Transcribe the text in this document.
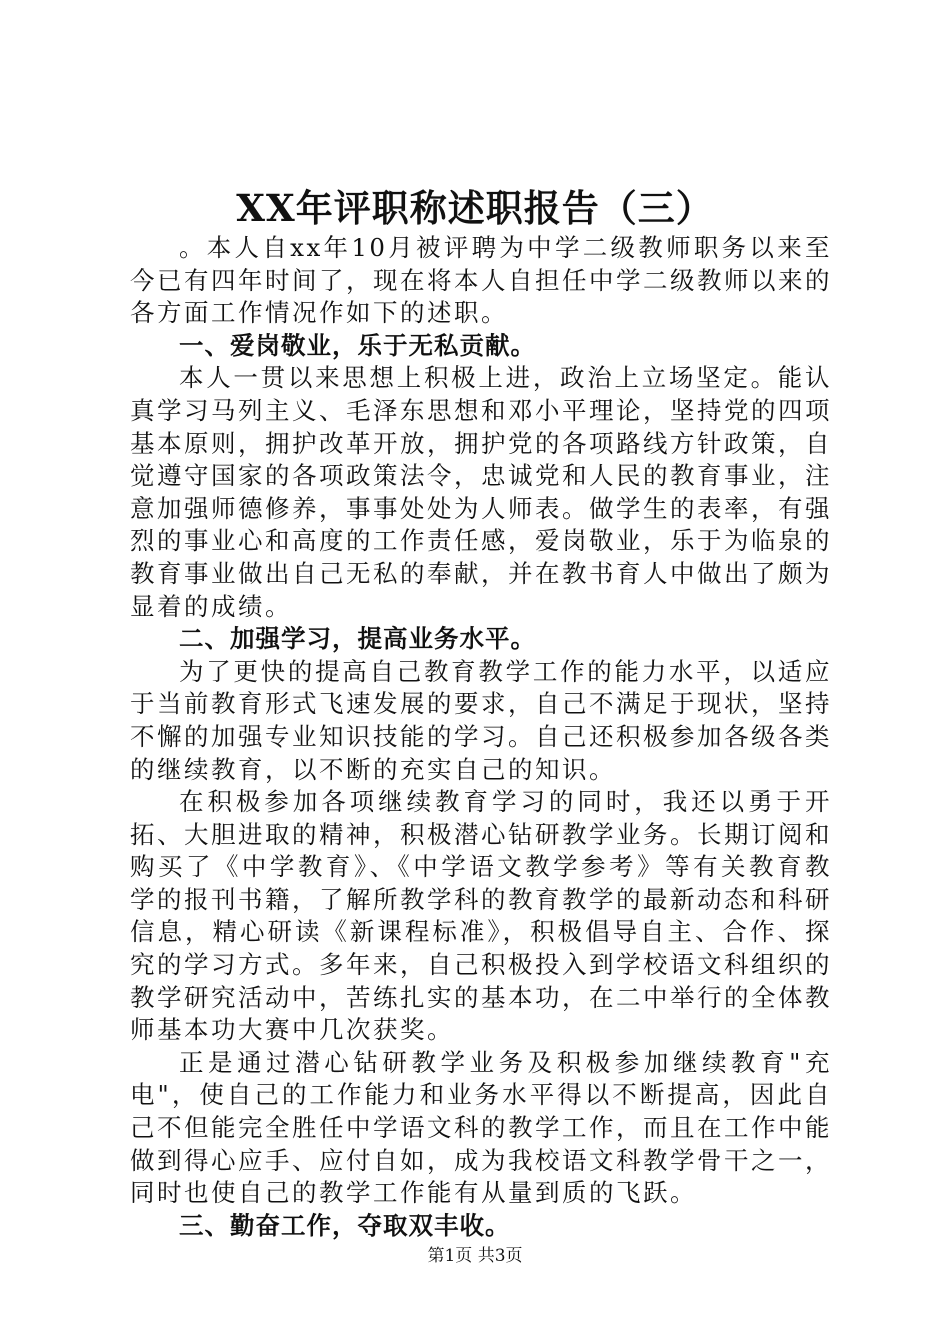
XX年评职称述职报告（三）

。本人自xx年10月被评聘为中学二级教师职务以来至今已有四年时间了，现在将本人自担任中学二级教师以来的各方面工作情况作如下的述职。

一、爱岗敬业，乐于无私贡献。

本人一贯以来思想上积极上进，政治上立场坚定。能认真学习马列主义、毛泽东思想和邓小平理论，坚持党的四项基本原则，拥护改革开放，拥护党的各项路线方针政策，自觉遵守国家的各项政策法令，忠诚党和人民的教育事业，注意加强师德修养，事事处处为人师表。做学生的表率，有强烈的事业心和高度的工作责任感，爱岗敬业，乐于为临泉的教育事业做出自己无私的奉献，并在教书育人中做出了颇为显着的成绩。

二、加强学习，提高业务水平。

为了更快的提高自己教育教学工作的能力水平，以适应于当前教育形式飞速发展的要求，自己不满足于现状，坚持不懈的加强专业知识技能的学习。自己还积极参加各级各类的继续教育，以不断的充实自己的知识。

在积极参加各项继续教育学习的同时，我还以勇于开拓、大胆进取的精神，积极潜心钻研教学业务。长期订阅和购买了《中学教育》、《中学语文教学参考》等有关教育教学的报刊书籍，了解所教学科的教育教学的最新动态和科研信息，精心研读《新课程标准》，积极倡导自主、合作、探究的学习方式。多年来，自己积极投入到学校语文科组织的教学研究活动中，苦练扎实的基本功，在二中举行的全体教师基本功大赛中几次获奖。

正是通过潜心钻研教学业务及积极参加继续教育"充电"，使自己的工作能力和业务水平得以不断提高，因此自己不但能完全胜任中学语文科的教学工作，而且在工作中能做到得心应手、应付自如，成为我校语文科教学骨干之一，同时也使自己的教学工作能有从量到质的飞跃。

三、勤奋工作，夺取双丰收。

第1页 共3页
